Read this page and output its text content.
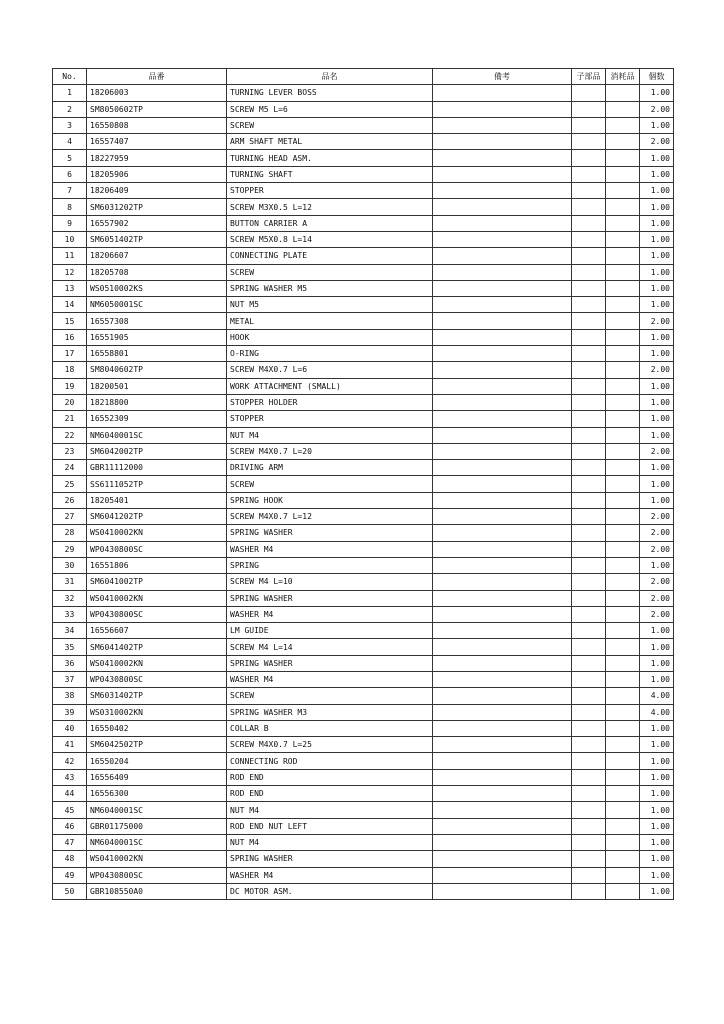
No.	品番	品名	備考	子部品	消耗品	個数
1	18206003	TURNING LEVER BOSS				1.00
2	SM8050602TP	SCREW M5 L=6				2.00
3	16550808	SCREW				1.00
4	16557407	ARM SHAFT METAL				2.00
5	18227959	TURNING HEAD ASM.				1.00
6	18205906	TURNING SHAFT				1.00
7	18206409	STOPPER				1.00
8	SM6031202TP	SCREW M3X0.5 L=12				1.00
9	16557902	BUTTON CARRIER A				1.00
10	SM6051402TP	SCREW M5X0.8 L=14				1.00
11	18206607	CONNECTING PLATE				1.00
12	18205708	SCREW				1.00
13	WS0510002KS	SPRING WASHER M5				1.00
14	NM6050001SC	NUT M5				1.00
15	16557308	METAL				2.00
16	16551905	HOOK				1.00
17	16558801	O-RING				1.00
18	SM8040602TP	SCREW M4X0.7 L=6				2.00
19	18200501	WORK ATTACHMENT (SMALL)				1.00
20	18218800	STOPPER HOLDER				1.00
21	16552309	STOPPER				1.00
22	NM6040001SC	NUT M4				1.00
23	SM6042002TP	SCREW M4X0.7 L=20				2.00
24	GBR11112000	DRIVING ARM				1.00
25	SS6111052TP	SCREW				1.00
26	18205401	SPRING HOOK				1.00
27	SM6041202TP	SCREW M4X0.7 L=12				2.00
28	WS0410002KN	SPRING WASHER				2.00
29	WP0430800SC	WASHER M4				2.00
30	16551806	SPRING				1.00
31	SM6041002TP	SCREW M4 L=10				2.00
32	WS0410002KN	SPRING WASHER				2.00
33	WP0430800SC	WASHER M4				2.00
34	16556607	LM GUIDE				1.00
35	SM6041402TP	SCREW M4 L=14				1.00
36	WS0410002KN	SPRING WASHER				1.00
37	WP0430800SC	WASHER M4				1.00
38	SM6031402TP	SCREW				4.00
39	WS0310002KN	SPRING WASHER M3				4.00
40	16550402	COLLAR B				1.00
41	SM6042502TP	SCREW M4X0.7 L=25				1.00
42	16550204	CONNECTING ROD				1.00
43	16556409	ROD END				1.00
44	16556300	ROD END				1.00
45	NM6040001SC	NUT M4				1.00
46	GBR01175000	ROD END NUT LEFT				1.00
47	NM6040001SC	NUT M4				1.00
48	WS0410002KN	SPRING WASHER				1.00
49	WP0430800SC	WASHER M4				1.00
50	GBR108550A0	DC MOTOR ASM.				1.00
